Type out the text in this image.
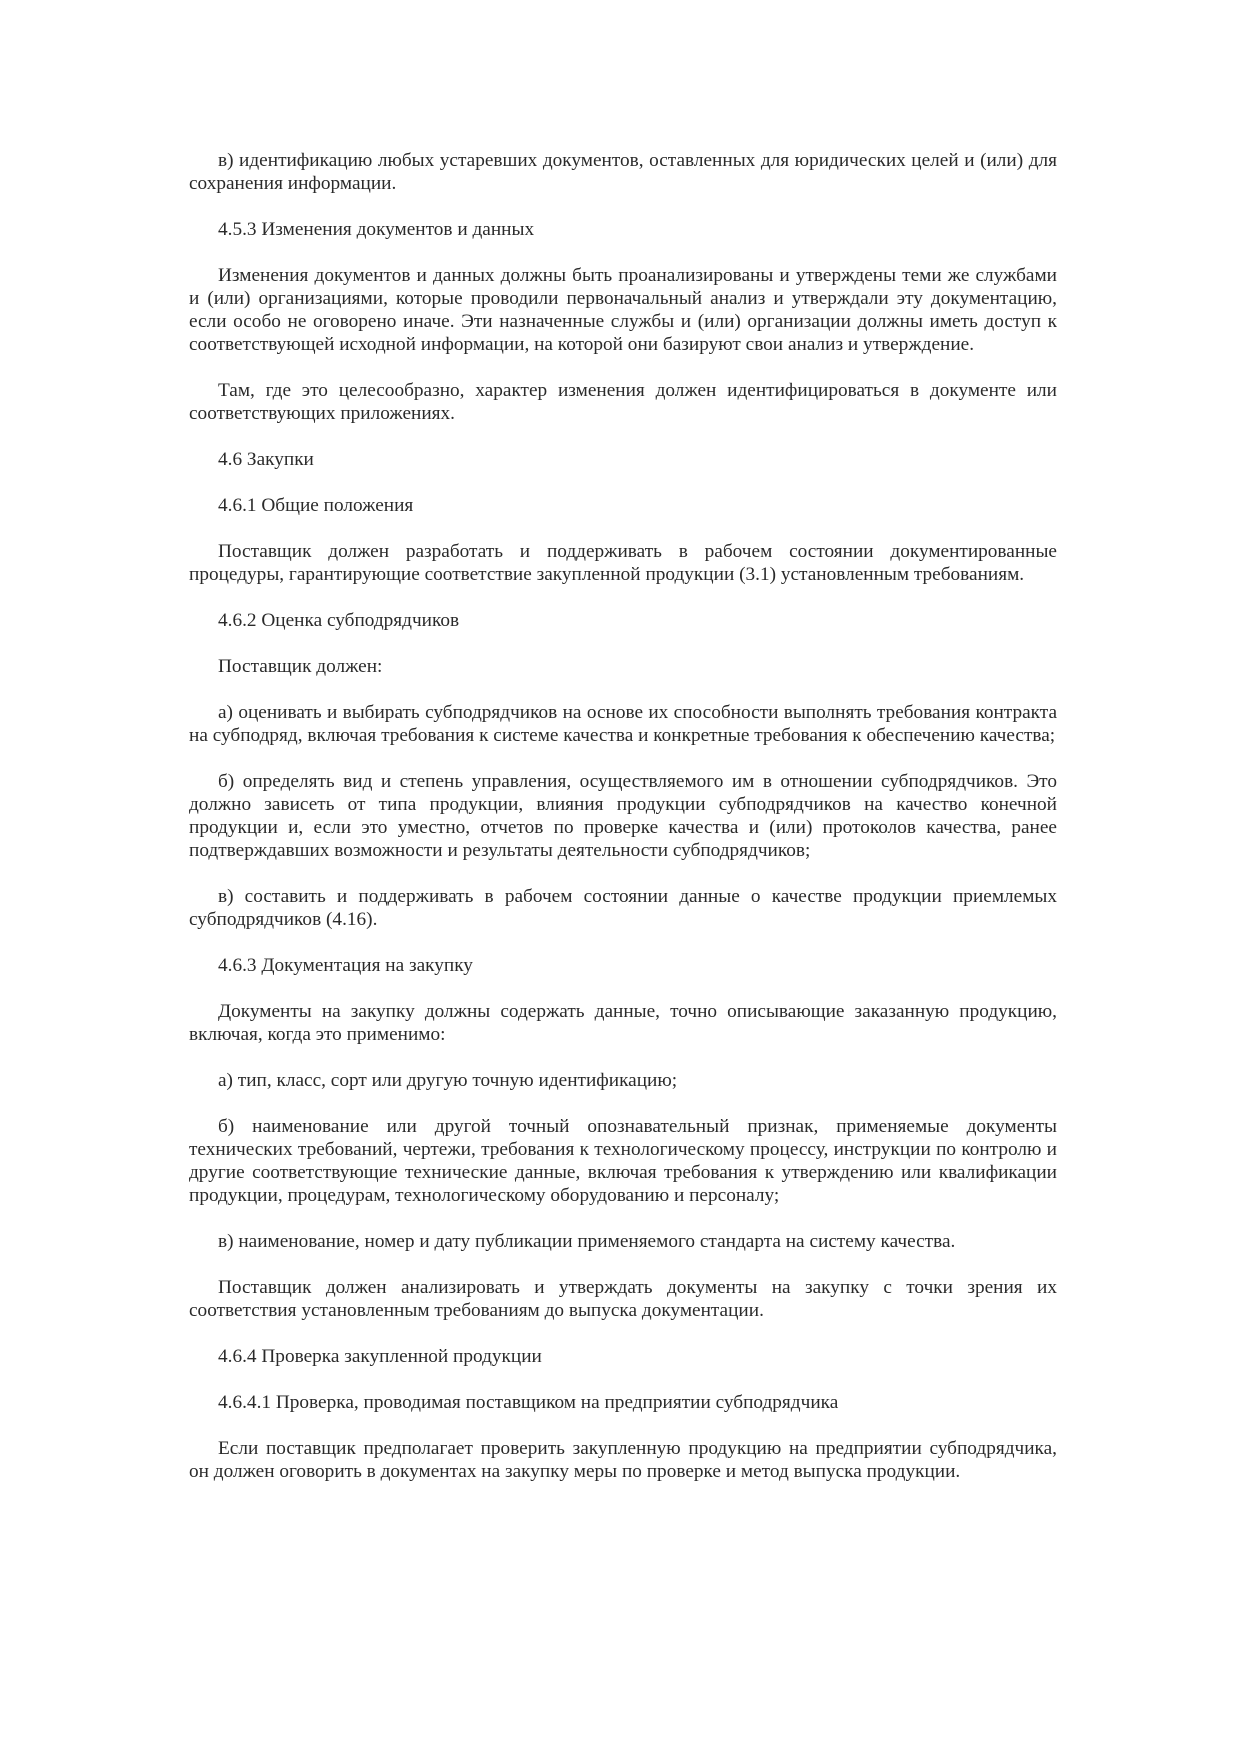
в) идентификацию любых устаревших документов, оставленных для юридических целей и (или) для сохранения информации.

4.5.3 Изменения документов и данных

Изменения документов и данных должны быть проанализированы и утверждены теми же службами и (или) организациями, которые проводили первоначальный анализ и утверждали эту документацию, если особо не оговорено иначе. Эти назначенные службы и (или) организации должны иметь доступ к соответствующей исходной информации, на которой они базируют свои анализ и утверждение.

Там, где это целесообразно, характер изменения должен идентифицироваться в документе или соответствующих приложениях.

4.6 Закупки

4.6.1 Общие положения

Поставщик должен разработать и поддерживать в рабочем состоянии документированные процедуры, гарантирующие соответствие закупленной продукции (3.1) установленным требованиям.

4.6.2 Оценка субподрядчиков

Поставщик должен:

а) оценивать и выбирать субподрядчиков на основе их способности выполнять требования контракта на субподряд, включая требования к системе качества и конкретные требования к обеспечению качества;

б) определять вид и степень управления, осуществляемого им в отношении субподрядчиков. Это должно зависеть от типа продукции, влияния продукции субподрядчиков на качество конечной продукции и, если это уместно, отчетов по проверке качества и (или) протоколов качества, ранее подтверждавших возможности и результаты деятельности субподрядчиков;

в) составить и поддерживать в рабочем состоянии данные о качестве продукции приемлемых субподрядчиков (4.16).

4.6.3 Документация на закупку

Документы на закупку должны содержать данные, точно описывающие заказанную продукцию, включая, когда это применимо:

а) тип, класс, сорт или другую точную идентификацию;

б) наименование или другой точный опознавательный признак, применяемые документы технических требований, чертежи, требования к технологическому процессу, инструкции по контролю и другие соответствующие технические данные, включая требования к утверждению или квалификации продукции, процедурам, технологическому оборудованию и персоналу;

в) наименование, номер и дату публикации применяемого стандарта на систему качества.

Поставщик должен анализировать и утверждать документы на закупку с точки зрения их соответствия установленным требованиям до выпуска документации.

4.6.4 Проверка закупленной продукции

4.6.4.1 Проверка, проводимая поставщиком на предприятии субподрядчика

Если поставщик предполагает проверить закупленную продукцию на предприятии субподрядчика, он должен оговорить в документах на закупку меры по проверке и метод выпуска продукции.
